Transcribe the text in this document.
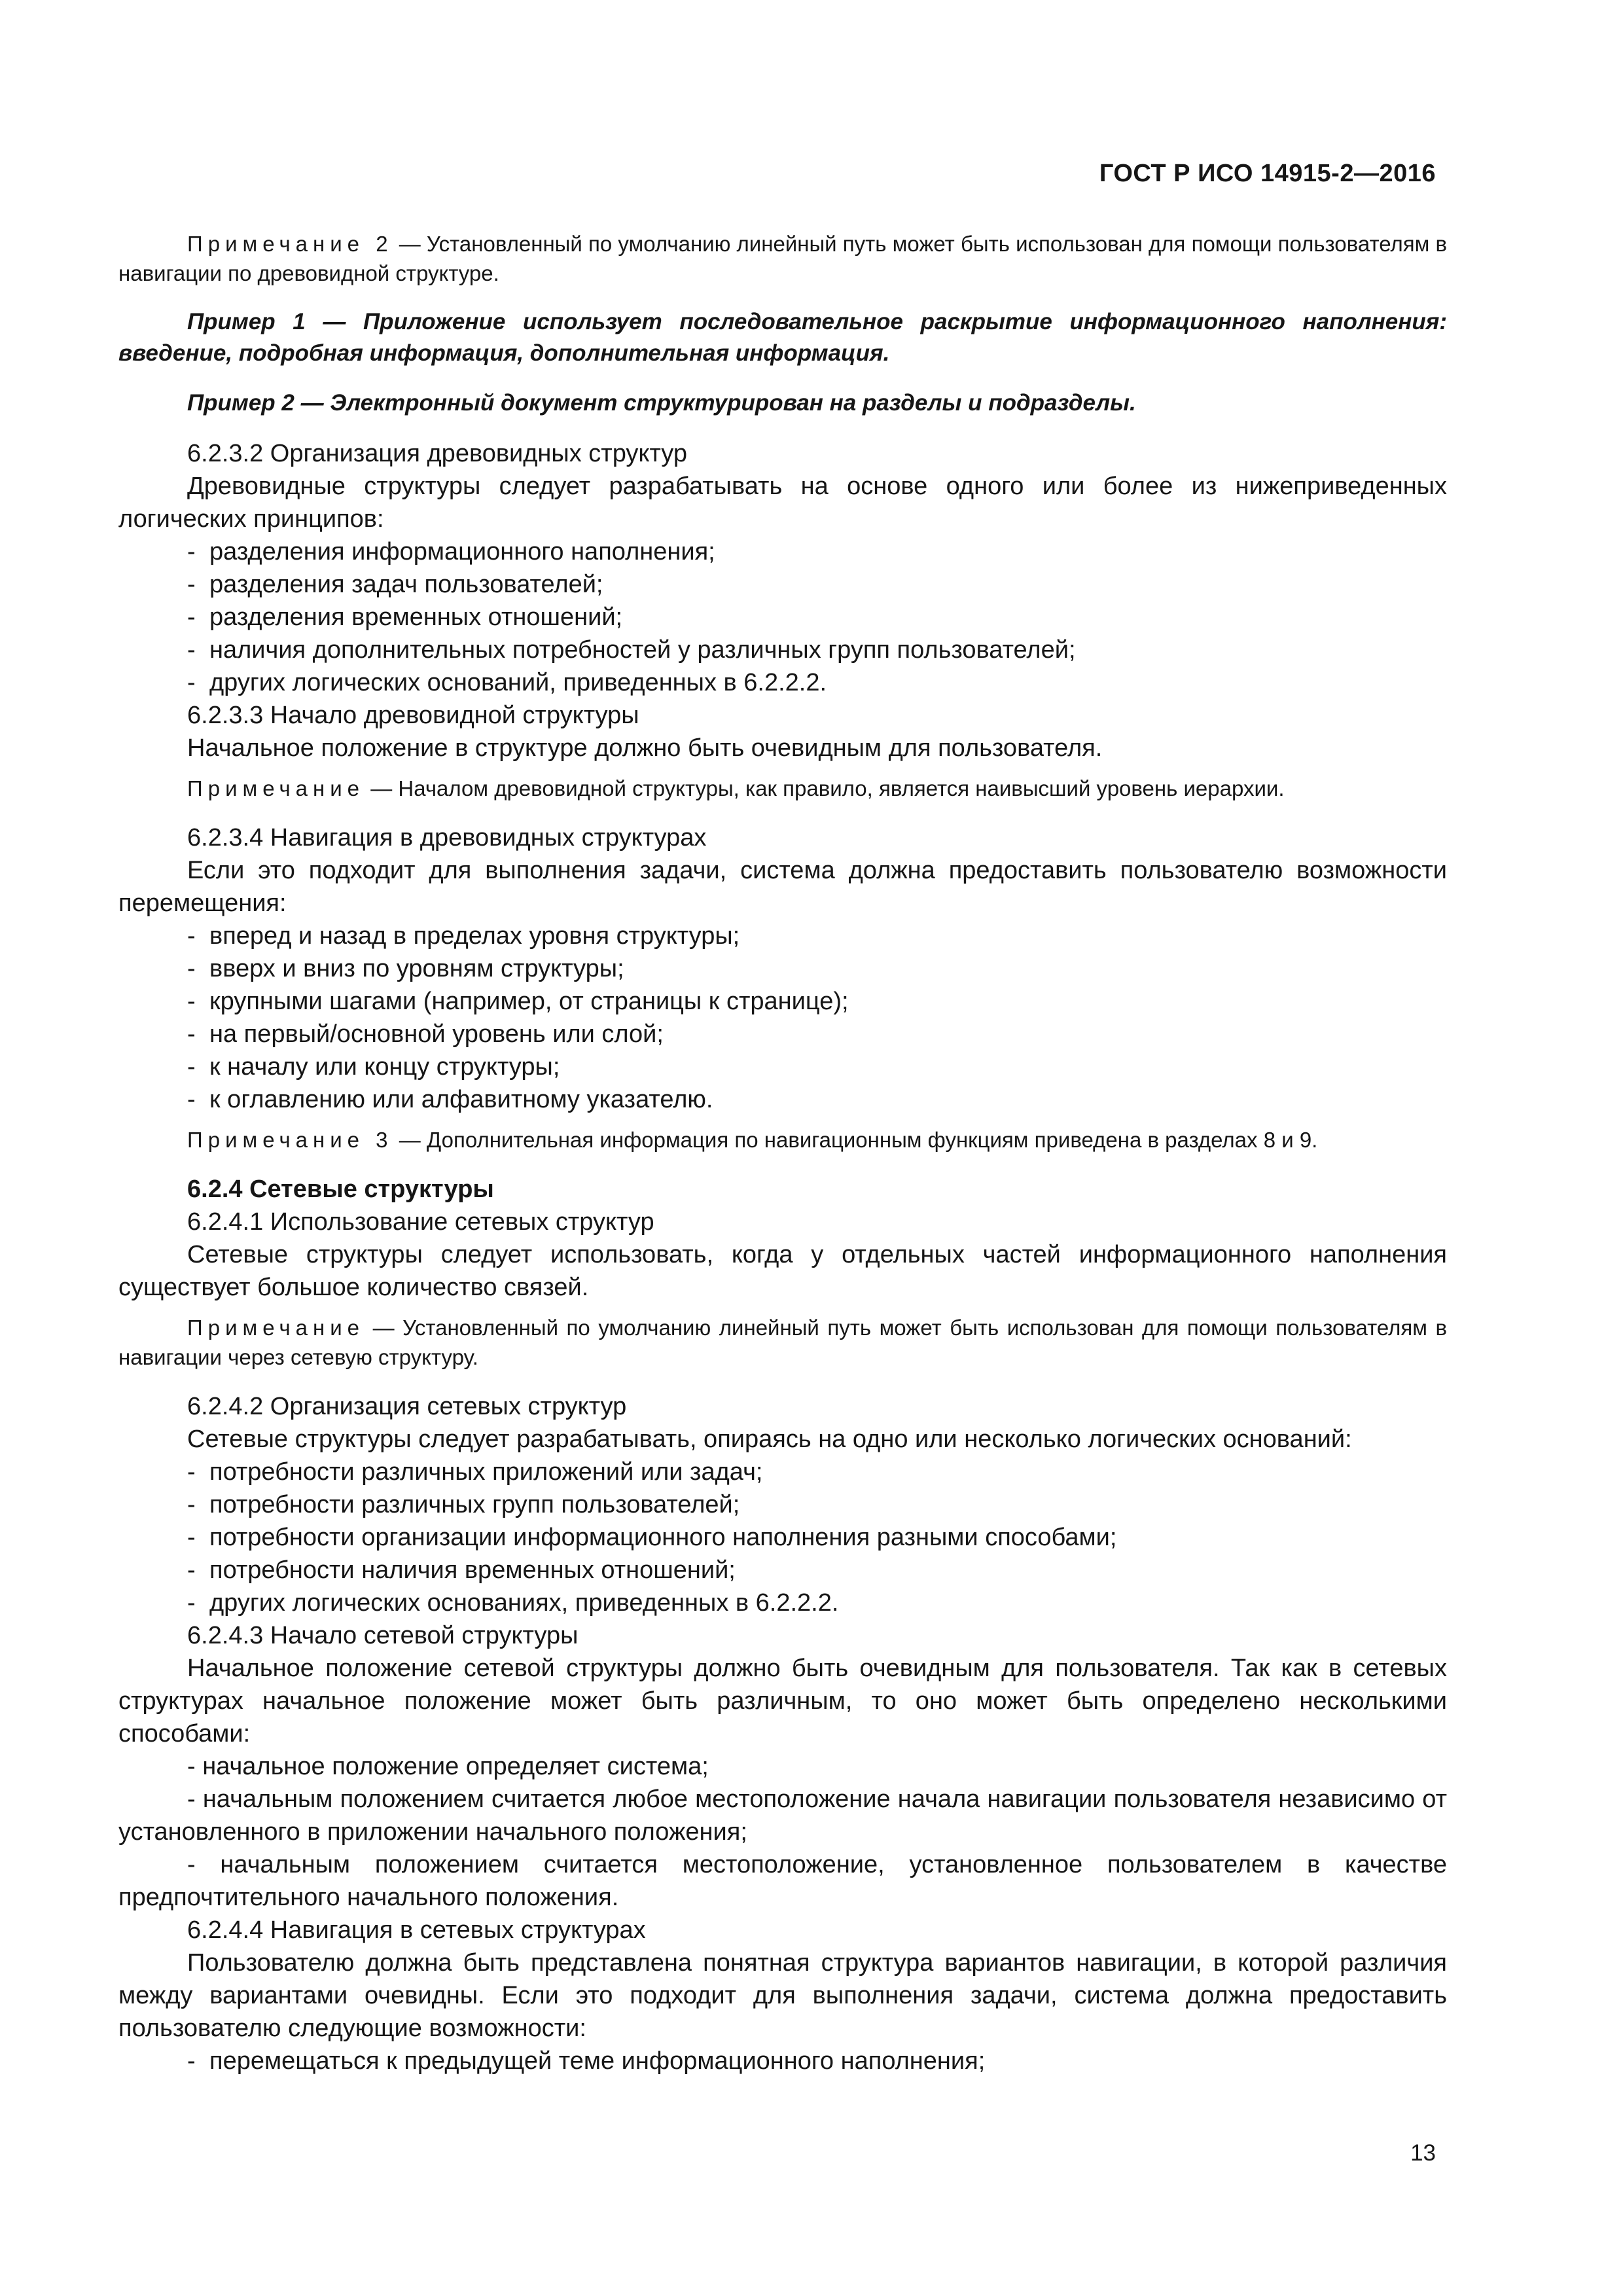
ГОСТ Р ИСО 14915-2—2016
Примечание 2 — Установленный по умолчанию линейный путь может быть использован для помощи пользователям в навигации по древовидной структуре.
Пример 1 — Приложение использует последовательное раскрытие информационного наполнения: введение, подробная информация, дополнительная информация.
Пример 2 — Электронный документ структурирован на разделы и подразделы.
6.2.3.2 Организация древовидных структур
Древовидные структуры следует разрабатывать на основе одного или более из нижеприведенных логических принципов:
- разделения информационного наполнения;
- разделения задач пользователей;
- разделения временных отношений;
- наличия дополнительных потребностей у различных групп пользователей;
- других логических оснований, приведенных в 6.2.2.2.
6.2.3.3 Начало древовидной структуры
Начальное положение в структуре должно быть очевидным для пользователя.
Примечание — Началом древовидной структуры, как правило, является наивысший уровень иерархии.
6.2.3.4 Навигация в древовидных структурах
Если это подходит для выполнения задачи, система должна предоставить пользователю возможности перемещения:
- вперед и назад в пределах уровня структуры;
- вверх и вниз по уровням структуры;
- крупными шагами (например, от страницы к странице);
- на первый/основной уровень или слой;
- к началу или концу структуры;
- к оглавлению или алфавитному указателю.
Примечание 3 — Дополнительная информация по навигационным функциям приведена в разделах 8 и 9.
6.2.4 Сетевые структуры
6.2.4.1 Использование сетевых структур
Сетевые структуры следует использовать, когда у отдельных частей информационного наполнения существует большое количество связей.
Примечание — Установленный по умолчанию линейный путь может быть использован для помощи пользователям в навигации через сетевую структуру.
6.2.4.2 Организация сетевых структур
Сетевые структуры следует разрабатывать, опираясь на одно или несколько логических оснований:
- потребности различных приложений или задач;
- потребности различных групп пользователей;
- потребности организации информационного наполнения разными способами;
- потребности наличия временных отношений;
- других логических основаниях, приведенных в 6.2.2.2.
6.2.4.3 Начало сетевой структуры
Начальное положение сетевой структуры должно быть очевидным для пользователя. Так как в сетевых структурах начальное положение может быть различным, то оно может быть определено несколькими способами:
- начальное положение определяет система;
- начальным положением считается любое местоположение начала навигации пользователя независимо от установленного в приложении начального положения;
- начальным положением считается местоположение, установленное пользователем в качестве предпочтительного начального положения.
6.2.4.4 Навигация в сетевых структурах
Пользователю должна быть представлена понятная структура вариантов навигации, в которой различия между вариантами очевидны. Если это подходит для выполнения задачи, система должна предоставить пользователю следующие возможности:
- перемещаться к предыдущей теме информационного наполнения;
13
